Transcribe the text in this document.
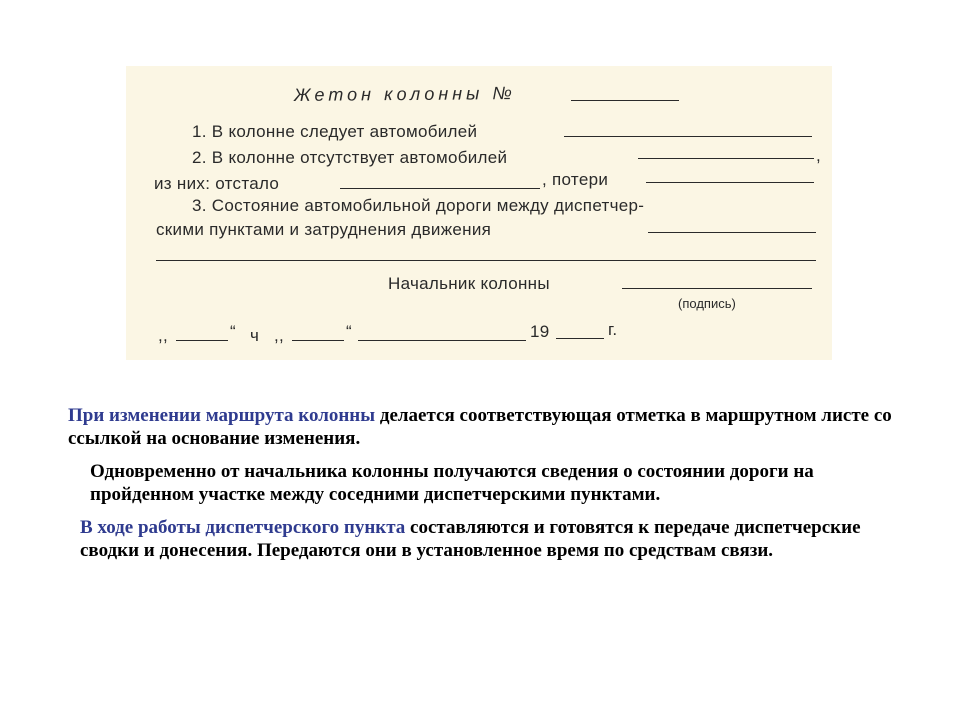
Жетон колонны №
1. В колонне следует автомобилей
2. В колонне отсутствует автомобилей	,
из них: отстало	, потери
3. Состояние автомобильной дороги между диспетчер-
скими пунктами и затруднения движения
Начальник колонны
(подпись)
,,	“ ч ,,	“	19	г.

При изменении маршрута колонны делается соответствующая отметка в маршрутном листе со ссылкой на основание изменения.

Одновременно от начальника колонны получаются сведения о состоянии дороги на пройденном участке между соседними диспетчерскими пунктами.

В ходе работы диспетчерского пункта составляются и готовятся к передаче диспетчерские сводки и донесения. Передаются они в установленное время по средствам связи.
